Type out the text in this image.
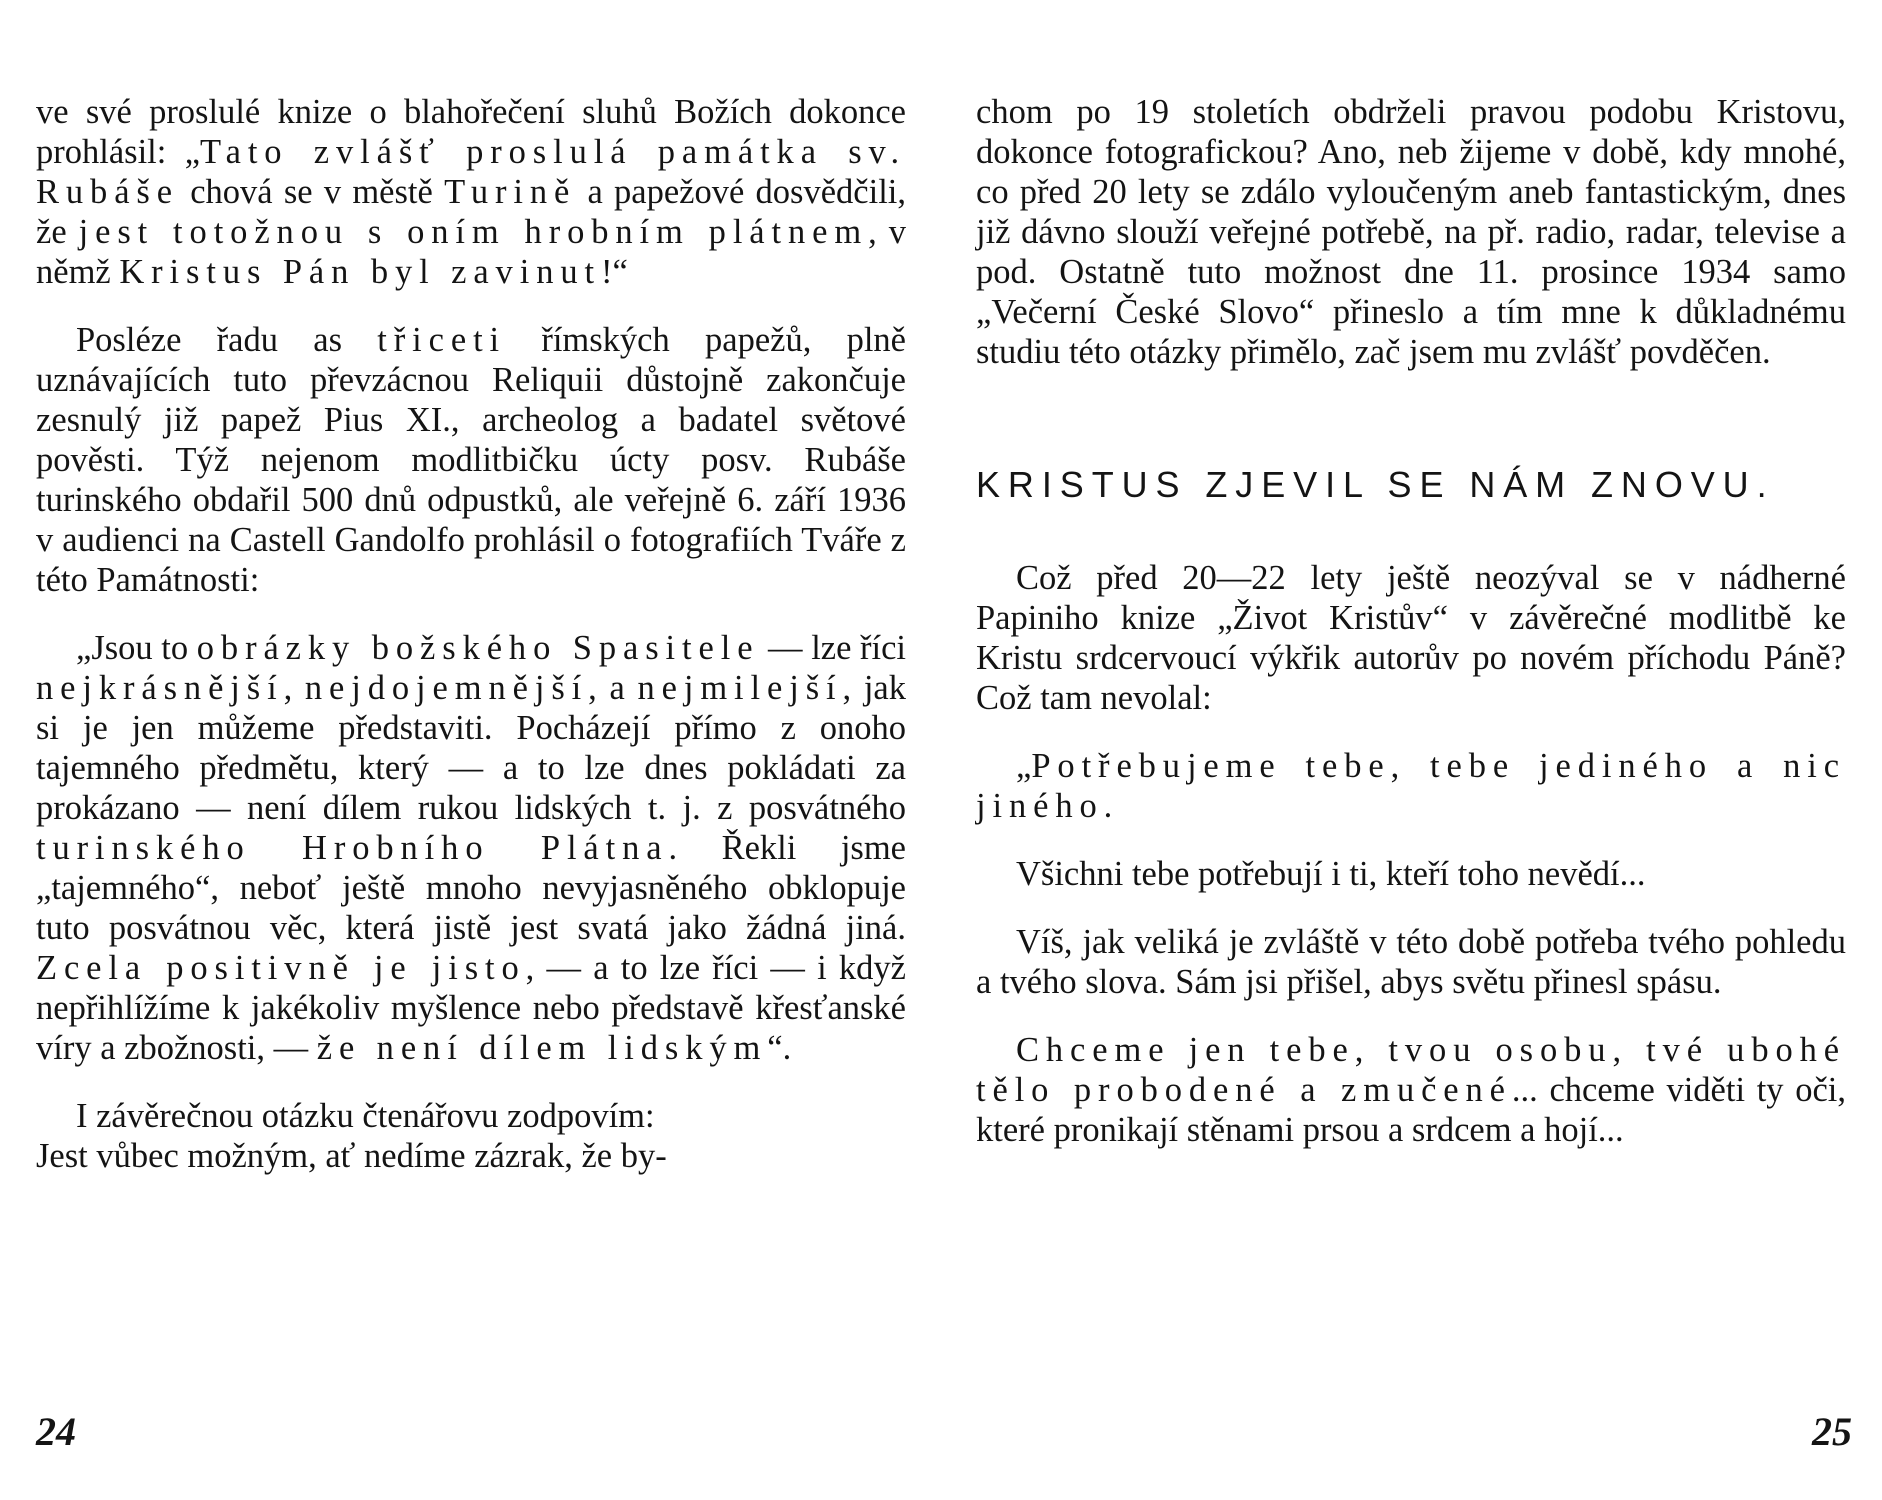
ve své proslulé knize o blahořečení sluhů Božích dokonce prohlásil: „Tato zvlášť proslulá památka sv. Rubáše chová se v městě Turině a papežové dosvědčili, že jest totožnou s oním hrobním plátnem, v němž Kristus Pán byl zavinut!“

Posléze řadu as třiceti římských papežů, plně uznávajících tuto převzácnou Reliquii důstojně zakončuje zesnulý již papež Pius XI., archeolog a badatel světové pověsti. Týž nejenom modlitbičku úcty posv. Rubáše turinského obdařil 500 dnů odpustků, ale veřejně 6. září 1936 v audienci na Castell Gandolfo prohlásil o fotografiích Tváře z této Památnosti:

„Jsou to obrázky božského Spasitele — lze říci nejkrásnější, nejdojemnější, a nejmilejší, jak si je jen můžeme představiti. Pocházejí přímo z onoho tajemného předmětu, který — a to lze dnes pokládati za prokázano — není dílem rukou lidských t. j. z posvátného turinského Hrobního Plátna. Řekli jsme „tajemného“, neboť ještě mnoho nevyjasněného obklopuje tuto posvátnou věc, která jistě jest svatá jako žádná jiná. Zcela positivně je jisto, — a to lze říci — i když nepřihlížíme k jakékoliv myšlence nebo představě křesťanské víry a zbožnosti, — že není dílem lidským“.

I závěrečnou otázku čtenářovu zodpovím:

Jest vůbec možným, ať nedíme zázrak, že by-

chom po 19 stoletích obdrželi pravou podobu Kristovu, dokonce fotografickou? Ano, neb žijeme v době, kdy mnohé, co před 20 lety se zdálo vyloučeným aneb fantastickým, dnes již dávno slouží veřejné potřebě, na př. radio, radar, televise a pod. Ostatně tuto možnost dne 11. prosince 1934 samo „Večerní České Slovo“ přineslo a tím mne k důkladnému studiu této otázky přimělo, zač jsem mu zvlášť povděčen.

KRISTUS ZJEVIL SE NÁM ZNOVU.

Což před 20—22 lety ještě neozýval se v nádherné Papiniho knize „Život Kristův“ v závěrečné modlitbě ke Kristu srdcervoucí výkřik autorův po novém příchodu Páně? Což tam nevolal:

„Potřebujeme tebe, tebe jediného a nic jiného.

Všichni tebe potřebují i ti, kteří toho nevědí...

Víš, jak veliká je zvláště v této době potřeba tvého pohledu a tvého slova. Sám jsi přišel, abys světu přinesl spásu.

Chceme jen tebe, tvou osobu, tvé ubohé tělo probodené a zmučené... chceme viděti ty oči, které pronikají stěnami prsou a srdcem a hojí...

24	25
